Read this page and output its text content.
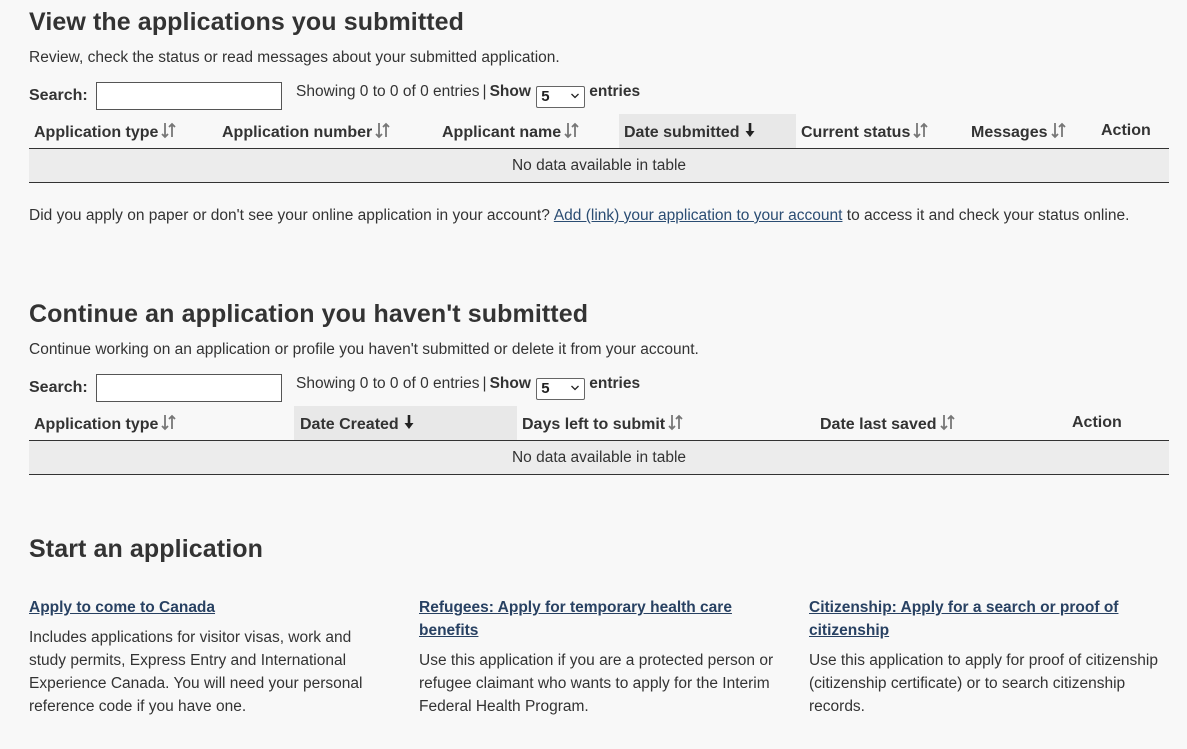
View the applications you submitted
Review, check the status or read messages about your submitted application.
Search:	Showing 0 to 0 of 0 entries | Show 5	entries
Application type	Application number	Applicant name	Date submitted	Current status	Messages	Action
No data available in table
Did you apply on paper or don't see your online application in your account? Add (link) your application to your account to access it and check your status online.
Continue an application you haven't submitted
Continue working on an application or profile you haven't submitted or delete it from your account.
Search:	Showing 0 to 0 of 0 entries | Show 5	entries
Application type	Date Created	Days left to submit	Date last saved	Action
No data available in table
Start an application
Apply to come to Canada

Includes applications for visitor visas, work and study permits, Express Entry and International Experience Canada. You will need your personal reference code if you have one.

Refugees: Apply for temporary health care benefits

Use this application if you are a protected person or refugee claimant who wants to apply for the Interim Federal Health Program.

Citizenship: Apply for a search or proof of citizenship

Use this application to apply for proof of citizenship (citizenship certificate) or to search citizenship records.
